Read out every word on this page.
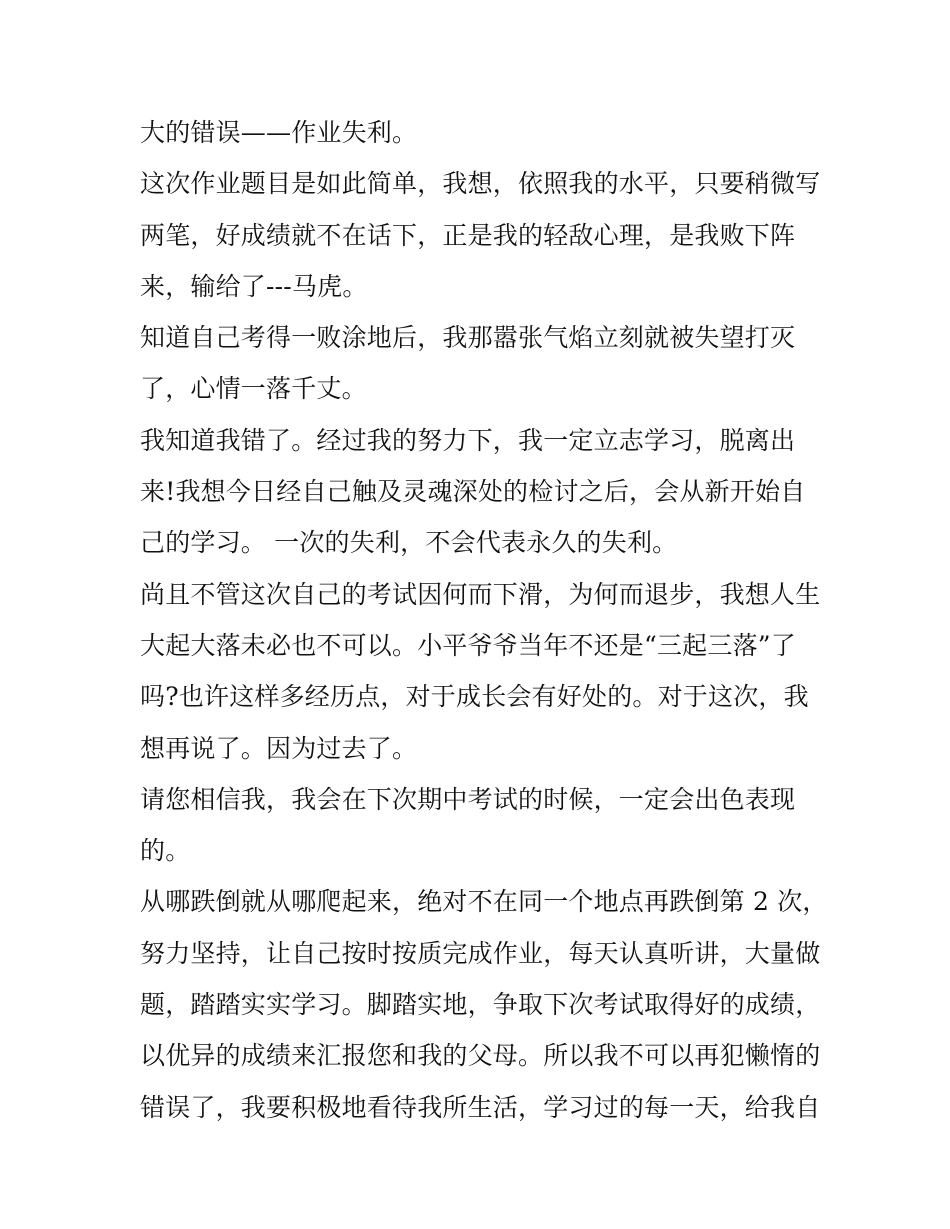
大的错误——作业失利。
这次作业题目是如此简单，我想，依照我的水平，只要稍微写
两笔，好成绩就不在话下，正是我的轻敌心理，是我败下阵
来，输给了---马虎。
知道自己考得一败涂地后，我那嚣张气焰立刻就被失望打灭
了，心情一落千丈。
我知道我错了。经过我的努力下，我一定立志学习，脱离出
来!我想今日经自己触及灵魂深处的检讨之后，会从新开始自
己的学习。 一次的失利，不会代表永久的失利。
尚且不管这次自己的考试因何而下滑，为何而退步，我想人生
大起大落未必也不可以。小平爷爷当年不还是“三起三落”了
吗?也许这样多经历点，对于成长会有好处的。对于这次，我
想再说了。因为过去了。
请您相信我，我会在下次期中考试的时候，一定会出色表现
的。
从哪跌倒就从哪爬起来，绝对不在同一个地点再跌倒第 2 次，
努力坚持，让自己按时按质完成作业，每天认真听讲，大量做
题，踏踏实实学习。脚踏实地，争取下次考试取得好的成绩，
以优异的成绩来汇报您和我的父母。所以我不可以再犯懒惰的
错误了，我要积极地看待我所生活，学习过的每一天，给我自
